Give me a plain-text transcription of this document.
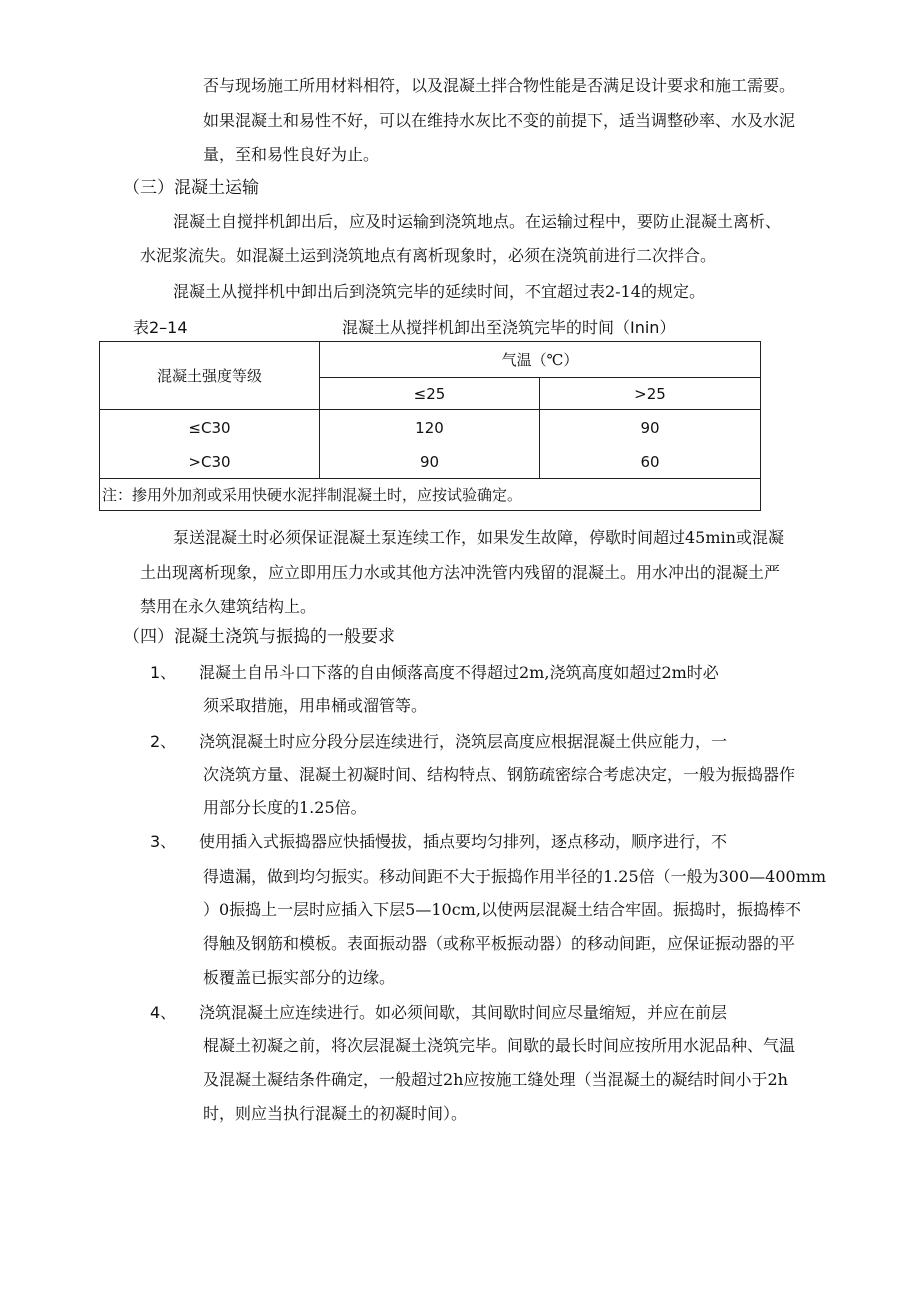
否与现场施工所用材料相符，以及混凝土拌合物性能是否满足设计要求和施工需要。
如果混凝土和易性不好，可以在维持水灰比不变的前提下，适当调整砂率、水及水泥
量，至和易性良好为止。
（三）混凝土运输
混凝土自搅拌机卸出后，应及时运输到浇筑地点。在运输过程中，要防止混凝土离析、
水泥浆流失。如混凝土运到浇筑地点有离析现象时，必须在浇筑前进行二次拌合。
混凝土从搅拌机中卸出后到浇筑完毕的延续时间，不宜超过表2-14的规定。
表2–14	混凝土从搅拌机卸出至浇筑完毕的时间（Inin）
混凝土强度等级	气温（℃）	
	≤25	>25
≤C30	120	90
>C30	90	60
注：掺用外加剂或采用快硬水泥拌制混凝土时，应按试验确定。		
泵送混凝土时必须保证混凝土泵连续工作，如果发生故障，停歇时间超过45min或混凝
土出现离析现象，应立即用压力水或其他方法冲洗管内残留的混凝土。用水冲出的混凝土严
禁用在永久建筑结构上。
（四）混凝土浇筑与振捣的一般要求
1、 混凝土自吊斗口下落的自由倾落高度不得超过2m,浇筑高度如超过2m时必
须采取措施，用串桶或溜管等。
2、 浇筑混凝土时应分段分层连续进行，浇筑层高度应根据混凝土供应能力，一
次浇筑方量、混凝土初凝时间、结构特点、钢筋疏密综合考虑决定，一般为振捣器作
用部分长度的1.25倍。
3、 使用插入式振捣器应快插慢拔，插点要均匀排列，逐点移动，顺序进行，不
得遗漏，做到均匀振实。移动间距不大于振捣作用半径的1.25倍（一般为300—400mm
）0振捣上一层时应插入下层5—10cm,以使两层混凝土结合牢固。振捣时，振捣棒不
得触及钢筋和模板。表面振动器（或称平板振动器）的移动间距，应保证振动器的平
板覆盖已振实部分的边缘。
4、 浇筑混凝土应连续进行。如必须间歇，其间歇时间应尽量缩短，并应在前层
棍凝土初凝之前，将次层混凝土浇筑完毕。间歇的最长时间应按所用水泥品种、气温
及混凝土凝结条件确定，一般超过2h应按施工缝处理（当混凝土的凝结时间小于2h
时，则应当执行混凝土的初凝时间）。
